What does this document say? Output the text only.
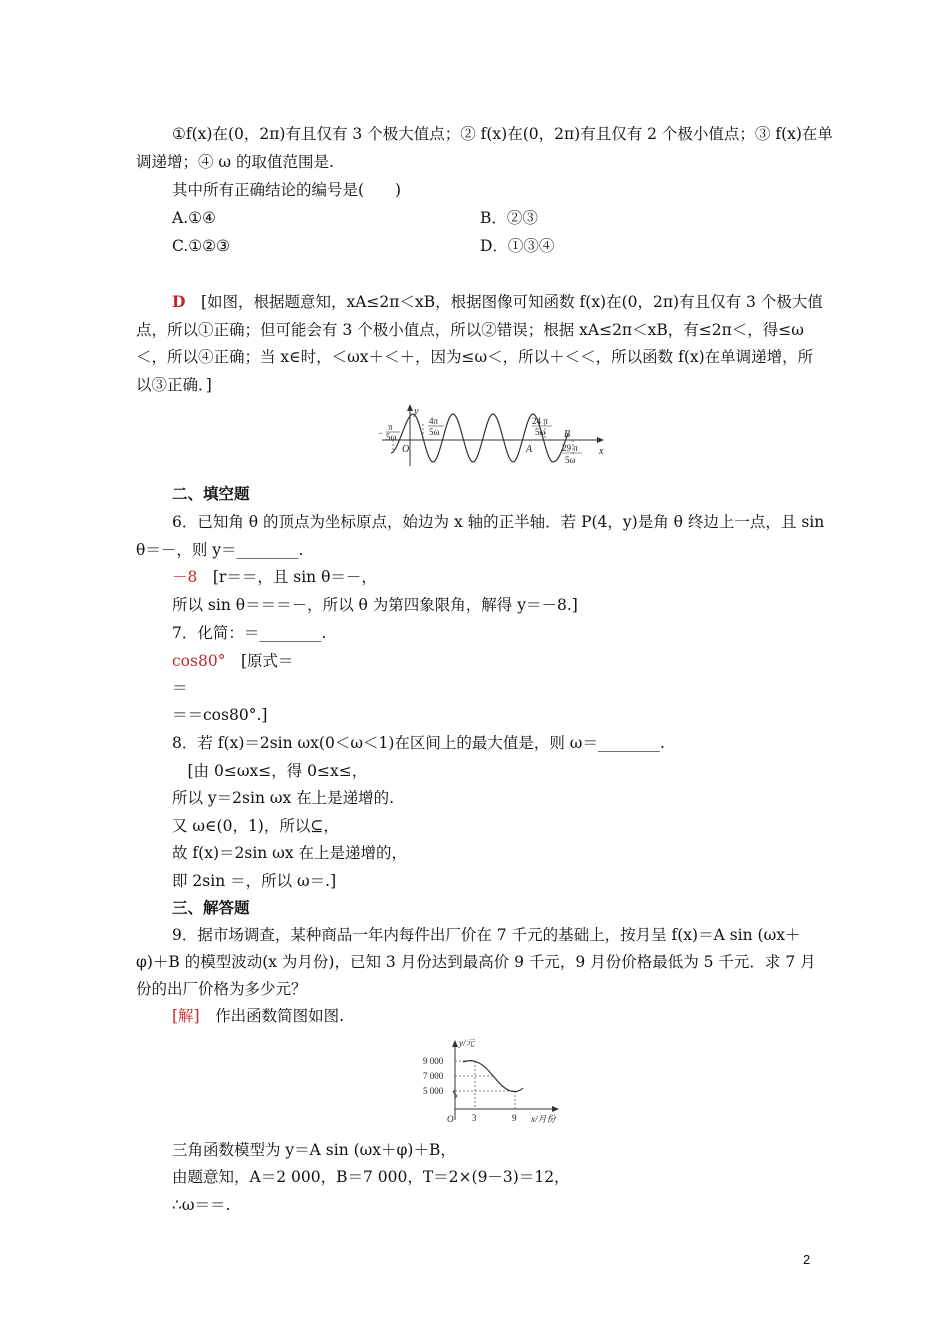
①f(x)在(0，2π)有且仅有 3 个极大值点；② f(x)在(0，2π)有且仅有 2 个极小值点；③ f(x)在单
调递增；④ ω 的取值范围是.
其中所有正确结论的编号是(　　)
A.①④	B．②③
C.①②③	D．①③④
D　[如图，根据题意知，xA≤2π＜xB，根据图像可知函数 f(x)在(0，2π)有且仅有 3 个极大值
点，所以①正确；但可能会有 3 个极小值点，所以②错误；根据 xA≤2π＜xB，有≤2π＜，得≤ω
＜，所以④正确；当 x∈时，＜ωx＋＜＋，因为≤ω＜，所以＋＜＜，所以函数 f(x)在单调递增，所
以③正确．]
y
x
O	A
B
−
π
5ω
4π
5ω
24 π
5ω
29 π
5ω
二、填空题
6．已知角 θ 的顶点为坐标原点，始边为 x 轴的正半轴．若 P(4，y)是角 θ 终边上一点，且 sin
θ＝－，则 y＝________.
－8　[r＝＝，且 sin θ＝－，
所以 sin θ＝＝＝－，所以 θ 为第四象限角，解得 y＝－8.]
7．化简：＝________.
cos80°　[原式＝
＝
＝＝cos80°.]
8．若 f(x)＝2sin ωx(0＜ω＜1)在区间上的最大值是，则 ω＝________.
　[由 0≤ωx≤，得 0≤x≤，
所以 y＝2sin ωx 在上是递增的.
又 ω∈(0，1)，所以⊆，
故 f(x)＝2sin ωx 在上是递增的，
即 2sin ＝，所以 ω＝.]
三、解答题
9．据市场调查，某种商品一年内每件出厂价在 7 千元的基础上，按月呈 f(x)＝A sin (ωx＋
φ)＋B 的模型波动(x 为月份)，已知 3 月份达到最高价 9 千元，9 月份价格最低为 5 千元．求 7 月
份的出厂价格为多少元？
[解]　作出函数简图如图.
y/元
x/月份
O
9 000
7 000
5 000
3	9
三角函数模型为 y＝A sin (ωx＋φ)＋B，
由题意知，A＝2 000，B＝7 000，T＝2×(9－3)＝12，
∴ω＝＝.
2
